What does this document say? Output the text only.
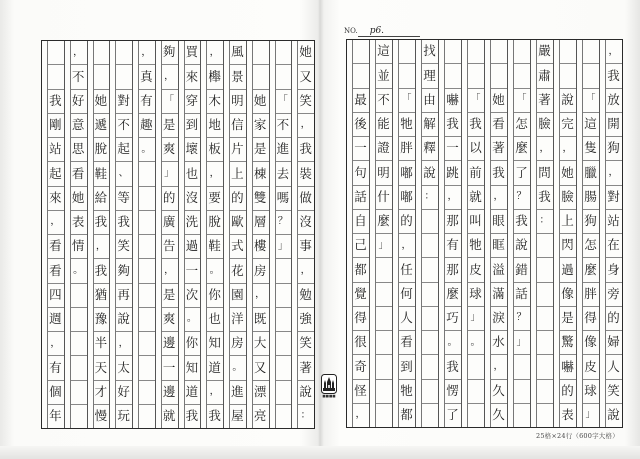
NO. p6.
她
又
笑
，
我
裝
做
沒
事
，
勉
強
笑
著
說
：
「
不
進
去
嗎
？
」
她
家
是
棟
雙
層
樓
房
，
既
大
又
漂
亮
風
景
明
信
片
上
的
歐
式
花
園
洋
房
。
進
屋
，
櫸
木
地
板
，
要
脫
鞋
。
你
也
知
道
，
我
買
來
穿
到
壞
也
沒
洗
過
一
次
。
你
知
道
我
夠
，
「
是
爽
」
的
廣
告
，
是
爽
邊
一
邊
就
，
真
有
趣
。
對
不
起
、
等
我
笑
夠
再
說
，
太
好
玩
她
遞
脫
鞋
給
我
，
我
猶
豫
半
天
才
慢
，
不
好
意
思
看
她
表
情
。
我
剛
站
起
來
，
看
看
四
週
，
有
個
年
，
我
放
開
狗
，
對
站
在
身
旁
的
婦
人
笑
說
「
這
隻
臘
腸
狗
怎
麼
胖
得
像
皮
球
」
說
完
，
她
臉
上
閃
過
像
是
驚
嚇
的
表
嚴
肅
著
臉
，
問
我
：
「
怎
麼
了
？
我
說
錯
話
？
」
她
看
著
我
，
眼
眶
溢
滿
淚
水
，
久
久
「
我
以
前
就
叫
牠
皮
球
」
。
嚇
我
一
跳
，
那
有
那
麼
巧
。
我
愣
了
找
理
由
解
釋
說
：
「
牠
胖
嘟
嘟
的
，
任
何
人
看
到
牠
都
這
並
不
能
證
明
什
麼
」
最
後
一
句
話
自
己
都
覺
得
很
奇
怪
，
■■■■
25格×24行（600字大格）
